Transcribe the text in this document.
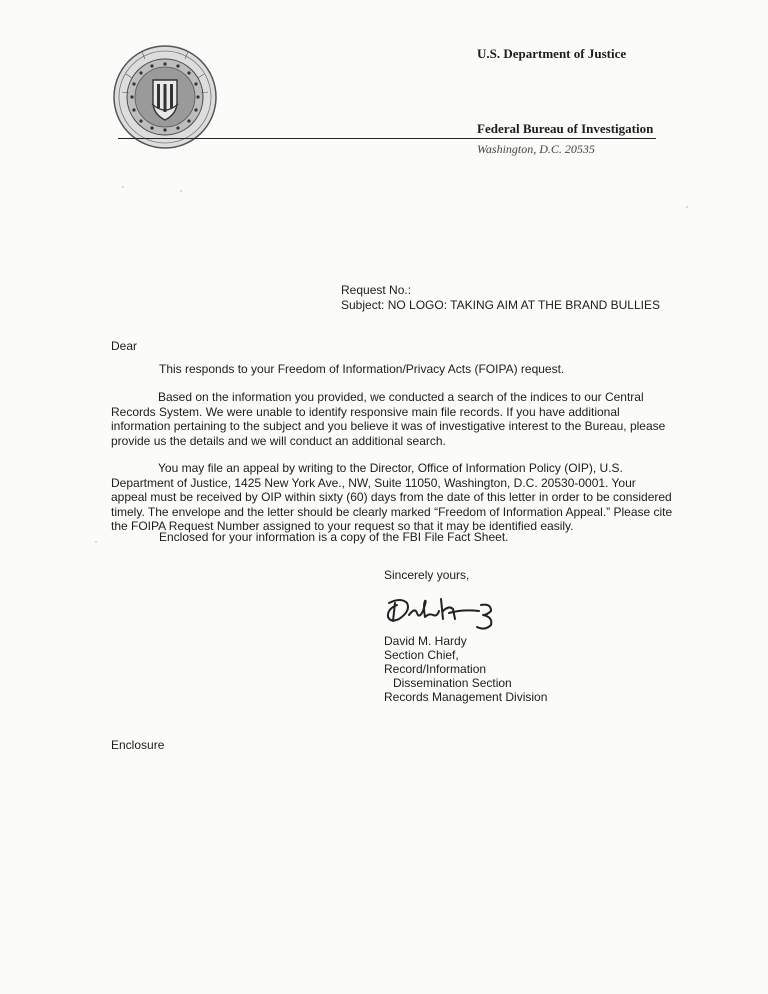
U.S. Department of Justice
Federal Bureau of Investigation
Washington, D.C. 20535
Request No.:
Subject: NO LOGO: TAKING AIM AT THE BRAND BULLIES
Dear
This responds to your Freedom of Information/Privacy Acts (FOIPA) request.
Based on the information you provided, we conducted a search of the indices to our Central
Records System. We were unable to identify responsive main file records. If you have additional
information pertaining to the subject and you believe it was of investigative interest to the Bureau, please
provide us the details and we will conduct an additional search.
You may file an appeal by writing to the Director, Office of Information Policy (OIP), U.S.
Department of Justice, 1425 New York Ave., NW, Suite 11050, Washington, D.C. 20530-0001. Your
appeal must be received by OIP within sixty (60) days from the date of this letter in order to be considered
timely. The envelope and the letter should be clearly marked “Freedom of Information Appeal.” Please cite
the FOIPA Request Number assigned to your request so that it may be identified easily.
Enclosed for your information is a copy of the FBI File Fact Sheet.
Sincerely yours,
David M. Hardy
Section Chief,
Record/Information
Dissemination Section
Records Management Division
Enclosure
